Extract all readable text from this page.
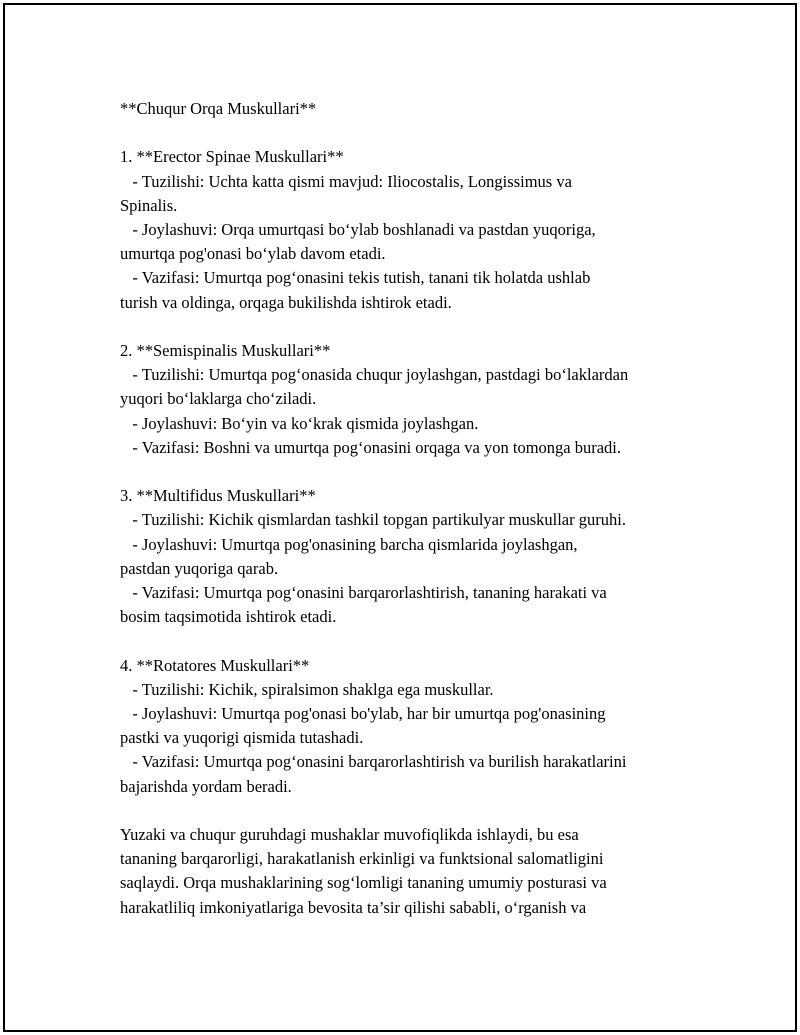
**Chuqur Orqa Muskullari**

1. **Erector Spinae Muskullari**

- Tuzilishi: Uchta katta qismi mavjud: Iliocostalis, Longissimus va

Spinalis.

- Joylashuvi: Orqa umurtqasi bo‘ylab boshlanadi va pastdan yuqoriga,

umurtqa pog'onasi bo‘ylab davom etadi.

- Vazifasi: Umurtqa pog‘onasini tekis tutish, tanani tik holatda ushlab

turish va oldinga, orqaga bukilishda ishtirok etadi.

2. **Semispinalis Muskullari**

- Tuzilishi: Umurtqa pog‘onasida chuqur joylashgan, pastdagi bo‘laklardan

yuqori bo‘laklarga cho‘ziladi.

- Joylashuvi: Bo‘yin va ko‘krak qismida joylashgan.

- Vazifasi: Boshni va umurtqa pog‘onasini orqaga va yon tomonga buradi.

3. **Multifidus Muskullari**

- Tuzilishi: Kichik qismlardan tashkil topgan partikulyar muskullar guruhi.

- Joylashuvi: Umurtqa pog'onasining barcha qismlarida joylashgan,

pastdan yuqoriga qarab.

- Vazifasi: Umurtqa pog‘onasini barqarorlashtirish, tananing harakati va

bosim taqsimotida ishtirok etadi.

4. **Rotatores Muskullari**

- Tuzilishi: Kichik, spiralsimon shaklga ega muskullar.

- Joylashuvi: Umurtqa pog'onasi bo'ylab, har bir umurtqa pog'onasining

pastki va yuqorigi qismida tutashadi.

- Vazifasi: Umurtqa pog‘onasini barqarorlashtirish va burilish harakatlarini

bajarishda yordam beradi.

Yuzaki va chuqur guruhdagi mushaklar muvofiqlikda ishlaydi, bu esa

tananing barqarorligi, harakatlanish erkinligi va funktsional salomatligini

saqlaydi. Orqa mushaklarining sog‘lomligi tananing umumiy posturasi va

harakatliliq imkoniyatlariga bevosita ta’sir qilishi sababli, o‘rganish va
